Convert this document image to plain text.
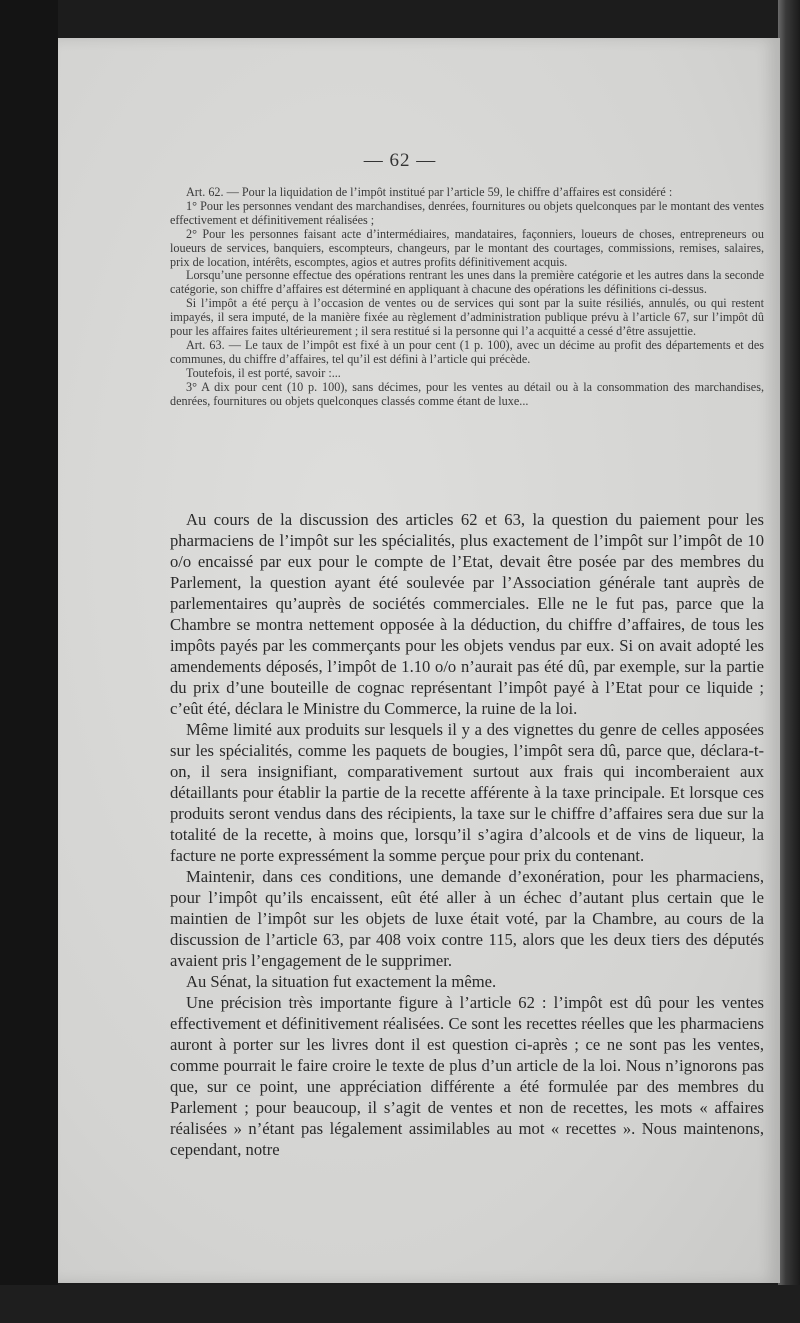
— 62 —

Art. 62. — Pour la liquidation de l’impôt institué par l’article 59, le chiffre d’affaires est considéré :

1° Pour les personnes vendant des marchandises, denrées, fournitures ou objets quelconques par le montant des ventes effectivement et définitivement réalisées ;

2° Pour les personnes faisant acte d’intermédiaires, mandataires, façonniers, loueurs de choses, entrepreneurs ou loueurs de services, banquiers, escompteurs, changeurs, par le montant des courtages, commissions, remises, salaires, prix de location, intérêts, escomptes, agios et autres profits définitivement acquis.

Lorsqu’une personne effectue des opérations rentrant les unes dans la première catégorie et les autres dans la seconde catégorie, son chiffre d’affaires est déterminé en appliquant à chacune des opérations les définitions ci-dessus.

Si l’impôt a été perçu à l’occasion de ventes ou de services qui sont par la suite résiliés, annulés, ou qui restent impayés, il sera imputé, de la manière fixée au règlement d’administration publique prévu à l’article 67, sur l’impôt dû pour les affaires faites ultérieurement ; il sera restitué si la personne qui l’a acquitté a cessé d’être assujettie.

Art. 63. — Le taux de l’impôt est fixé à un pour cent (1 p. 100), avec un décime au profit des départements et des communes, du chiffre d’affaires, tel qu’il est défini à l’article qui précède.

Toutefois, il est porté, savoir :...

3° A dix pour cent (10 p. 100), sans décimes, pour les ventes au détail ou à la consommation des marchandises, denrées, fournitures ou objets quelconques classés comme étant de luxe...

Au cours de la discussion des articles 62 et 63, la question du paiement pour les pharmaciens de l’impôt sur les spécialités, plus exactement de l’impôt sur l’impôt de 10 o/o encaissé par eux pour le compte de l’Etat, devait être posée par des membres du Parlement, la question ayant été soulevée par l’Association générale tant auprès de parlementaires qu’auprès de sociétés commerciales. Elle ne le fut pas, parce que la Chambre se montra nettement opposée à la déduction, du chiffre d’affaires, de tous les impôts payés par les commerçants pour les objets vendus par eux. Si on avait adopté les amendements déposés, l’impôt de 1.10 o/o n’aurait pas été dû, par exemple, sur la partie du prix d’une bouteille de cognac représentant l’impôt payé à l’Etat pour ce liquide ; c’eût été, déclara le Ministre du Commerce, la ruine de la loi.

Même limité aux produits sur lesquels il y a des vignettes du genre de celles apposées sur les spécialités, comme les paquets de bougies, l’impôt sera dû, parce que, déclara-t-on, il sera insignifiant, comparativement surtout aux frais qui incomberaient aux détaillants pour établir la partie de la recette afférente à la taxe principale. Et lorsque ces produits seront vendus dans des récipients, la taxe sur le chiffre d’affaires sera due sur la totalité de la recette, à moins que, lorsqu’il s’agira d’alcools et de vins de liqueur, la facture ne porte expressément la somme perçue pour prix du contenant.

Maintenir, dans ces conditions, une demande d’exonération, pour les pharmaciens, pour l’impôt qu’ils encaissent, eût été aller à un échec d’autant plus certain que le maintien de l’impôt sur les objets de luxe était voté, par la Chambre, au cours de la discussion de l’article 63, par 408 voix contre 115, alors que les deux tiers des députés avaient pris l’engagement de le supprimer.

Au Sénat, la situation fut exactement la même.

Une précision très importante figure à l’article 62 : l’impôt est dû pour les ventes effectivement et définitivement réalisées. Ce sont les recettes réelles que les pharmaciens auront à porter sur les livres dont il est question ci-après ; ce ne sont pas les ventes, comme pourrait le faire croire le texte de plus d’un article de la loi. Nous n’ignorons pas que, sur ce point, une appréciation différente a été formulée par des membres du Parlement ; pour beaucoup, il s’agit de ventes et non de recettes, les mots « affaires réalisées » n’étant pas légalement assimilables au mot « recettes ». Nous maintenons, cependant, notre
